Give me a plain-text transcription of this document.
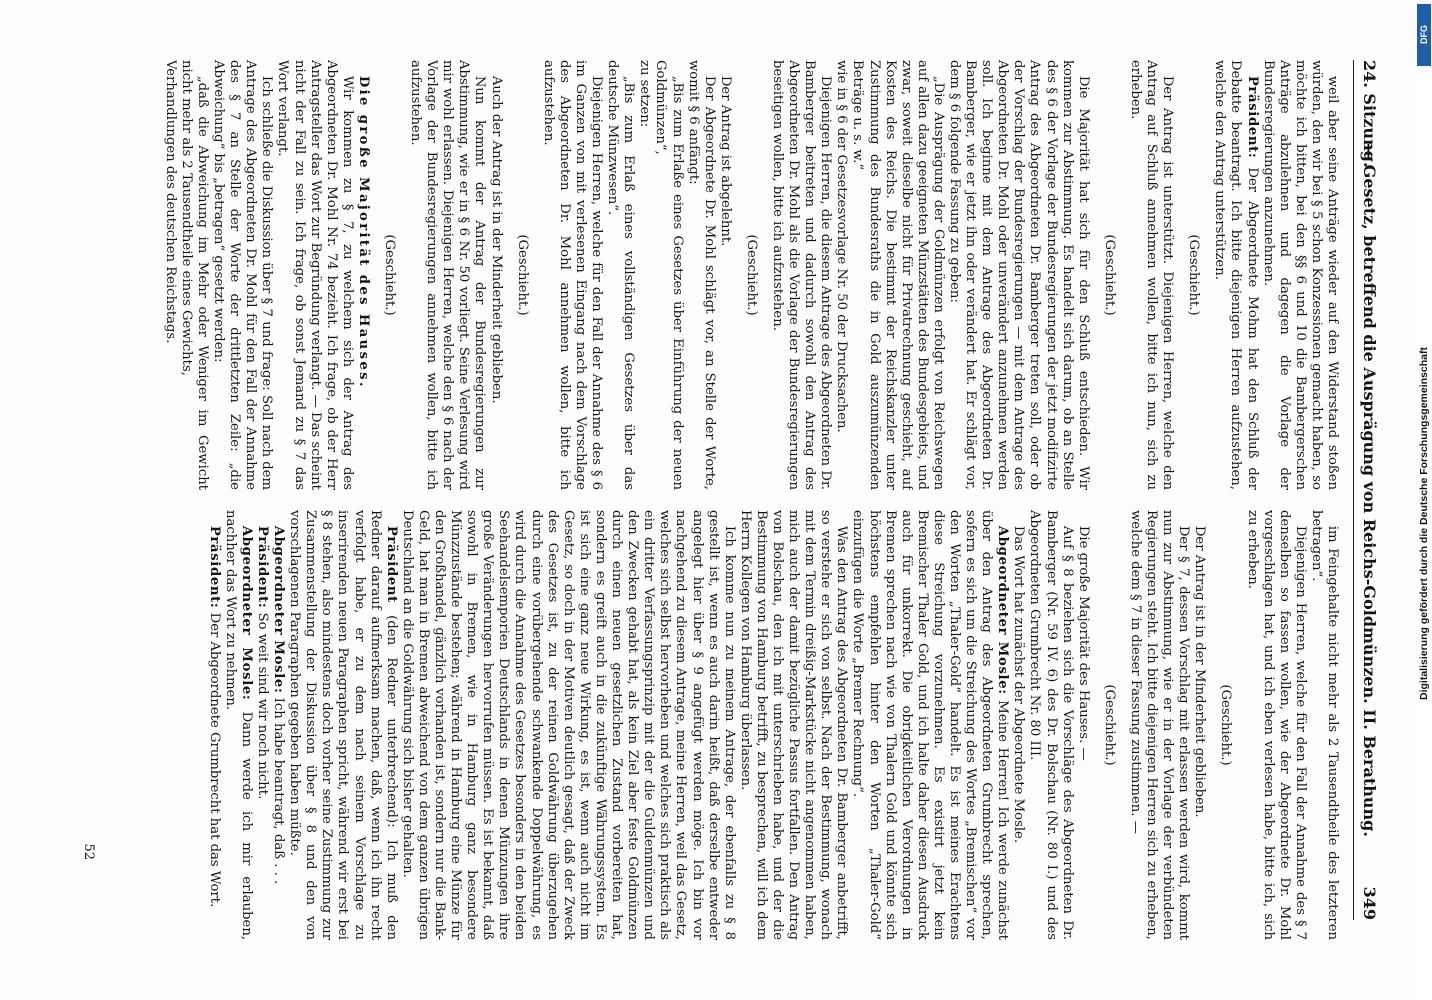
24. Sitzung.
— Gesetz, betreffend die Ausprägung von Reichs-Goldmünzen. II. Berathung.
349

weil aber seine Anträge wieder auf den Widerstand stoßen würden, den wir bei § 5 schon Konzessionen gemacht haben, so möchte ich bitten, bei den §§ 6 und 10 die Bambergerschen Anträge abzulehnen und dagegen die Vorlage der Bundesregierungen anzunehmen.

Präsident: Der Abgeordnete Mohm hat den Schluß der Debatte beantragt. Ich bitte diejenigen Herren aufzustehen, welche den Antrag unterstützen.

(Geschieht.)

Der Antrag ist unterstützt. Diejenigen Herren, welche den Antrag auf Schluß annehmen wollen, bitte ich nun, sich zu erheben.

(Geschieht.)

Die Majorität hat sich für den Schluß entschieden. Wir kommen zur Abstimmung. Es handelt sich darum, ob an Stelle des § 6 der Vorlage der Bundesregierungen der jetzt modifizirte Antrag des Abgeordneten Dr. Bamberger treten soll, oder ob der Vorschlag der Bundesregierungen — mit dem Antrage des Abgeordneten Dr. Mohl oder unverändert anzunehmen werden soll. Ich beginne mit dem Antrage des Abgeordneten Dr. Bamberger, wie er jetzt ihn oder verändert hat. Er schlägt vor, dem § 6 folgende Fassung zu geben:

„Die Ausprägung der Goldmünzen erfolgt von Reichswegen auf allen dazu geeigneten Münzstätten des Bundesgebiets, und zwar, soweit dieselbe nicht für Privatrechnung geschieht, auf Kosten des Reichs. Die bestimmt der Reichskanzler unter Zustimmung des Bundesraths die in Gold auszumünzenden Beträge u. s. w.“

wie in § 6 der Gesetzesvorlage Nr. 50 der Drucksachen.

Diejenigen Herren, die diesem Antrage des Abgeordneten Dr. Bamberger beitreten und dadurch sowohl den Antrag des Abgeordneten Dr. Mohl als die Vorlage der Bundesregierungen beseitigen wollen, bitte ich aufzustehen.

(Geschieht.)

Der Antrag ist abgelehnt.

Der Abgeordnete Dr. Mohl schlägt vor, an Stelle der Worte, womit § 6 anfängt:

„Bis zum Erlaße eines Gesetzes über Einführung der neuen Goldmünzen“,

zu setzen:

„Bis zum Erlaß eines vollständigen Gesetzes über das deutsche Münzwesen“.

Diejenigen Herren, welche für den Fall der Annahme des § 6 im Ganzen von mit verlesenen Eingang nach dem Vorschlage des Abgeordneten Dr. Mohl annehmen wollen, bitte ich aufzustehen.

(Geschieht.)

Auch der Antrag ist in der Minderheit geblieben.

Nun kommt der Antrag der Bundesregierungen zur Abstimmung, wie er in § 6 Nr. 50 vorliegt. Seine Verlesung wird mir wohl erlassen. Diejenigen Herren, welche den § 6 nach der Vorlage der Bundesregierungen annehmen wollen, bitte ich aufzustehen.

(Geschieht.)

Die große Majorität des Hauses.

Wir kommen zu § 7, zu welchem sich der Antrag des Abgeordneten Dr. Mohl Nr. 74 bezieht. Ich frage, ob der Herr Antragsteller das Wort zur Begründung verlangt. — Das scheint nicht der Fall zu sein. Ich frage, ob sonst Jemand zu § 7 das Wort verlangt.

Ich schließe die Diskussion über § 7 und frage: Soll nach dem Antrage des Abgeordneten Dr. Mohl für den Fall der Annahme des § 7 an Stelle der Worte der drittletzten Zeile: „die Abweichung“ bis „betragen“ gesetzt werden:

„daß die Abweichung im Mehr oder Weniger im Gewicht nicht mehr als 2 Tausendtheile eines Gewichts,

Verhandlungen des deutschen Reichstags.

im Feingehalte nicht mehr als 2 Tausendtheile des letzteren betragen“.

Diejenigen Herren, welche für den Fall der Annahme des § 7 denselben so fassen wollen, wie der Abgeordnete Dr. Mohl vorgeschlagen hat, und ich eben verlesen habe, bitte ich, sich zu erheben.

(Geschieht.)

Der Antrag ist in der Minderheit geblieben.

Der § 7, dessen Vorschlag mit erlassen werden wird, kommt nun zur Abstimmung, wie er in der Vorlage der verbündeten Regierungen steht. Ich bitte diejenigen Herren sich zu erheben, welche dem § 7 in dieser Fassung zustimmen. —

(Geschieht.)

Die große Majorität des Hauses. —

Auf § 8 beziehen sich die Vorschläge des Abgeordneten Dr. Bamberger (Nr. 59 IV. 6) des Dr. Bolschau (Nr. 80 I.) und des Abgeordneten Grumbrecht Nr. 80 III.

Das Wort hat zunächst der Abgeordnete Mosle.

Abgeordneter Mosle: Meine Herren! Ich werde zunächst über den Antrag des Abgeordneten Grumbrecht sprechen, sofern es sich um die Streichung des Wortes „Bremischen“ vor den Worten „Thaler-Gold“ handelt. Es ist meines Erachtens diese Streichung vorzunehmen. Es existirt jetzt kein Bremischer Thaler Gold, und ich halte daher diesen Ausdruck auch für unkorrekt. Die obrigkeitlichen Verordnungen in Bremen sprechen nach wie von Thalern Gold und könnte sich höchstens empfehlen hinter den Worten „Thaler-Gold“ einzufügen die Worte „Bremer Rechnung“.

Was den Antrag des Abgeordneten Dr. Bamberger anbetrifft, so verstehe er sich von selbst. Nach der Bestimmung, wonach mit dem Termin dreißig-Markstücke nicht angenommen haben, mich auch der damit bezügliche Passus fortfallen. Den Antrag von Bolschau, den ich mit unterschrieben habe, und der die Bestimmung von Hamburg betrifft, zu besprechen, will ich dem Herrn Kollegen von Hamburg überlassen.

Ich komme nun zu meinem Antrage, der ebenfalls zu § 8 gestellt ist, wenn es auch darin heißt, daß derselbe entweder angelegt hier über § 9 angefügt werden möge. Ich bin vor nachgehend zu diesem Antrage, meine Herren, weil das Gesetz, welches sich selbst hervorheben und welches sich praktisch als ein dritter Verfassungsprinzip mit der die Guldenmünzen und den Zwecken gehabt hat, als kein Ziel aber feste Goldmünzen durch einen neuen gesetzlichen Zustand vorbereiten hat, sondern es greift auch in die zukünftige Währungssystem. Es ist sich eine ganz neue Wirkung, es ist, wenn auch nicht im Gesetz, so doch in der Motiven deutlich gesagt, daß der Zweck des Gesetzes ist, zu der reinen Goldwährung überzugehen durch eine vorübergehende schwankende Doppelwährung, es wird durch die Annahme des Gesetzes besonders in den beiden Seehandelsemporien Deutschlands in denen Münzungen ihre große Veränderungen hervorrufen müssen. Es ist bekannt, daß sowohl in Bremen, wie in Hamburg ganz besondere Münzzustände bestehen; während in Hamburg eine Münze für den Großhandel, gänzlich vorhanden ist, sondern nur die Bank-Geld, hat man in Bremen abweichend von dem ganzen übrigen Deutschland an die Goldwährung sich bisher gehalten.

Präsident (den Redner unterbrechend): Ich muß den Redner darauf aufmerksam machen, daß, wenn ich ihn recht verfolgt habe, er zu dem nach seinem Vorschlage zu inserirenden neuen Paragraphen spricht, während wir erst bei § 8 stehen, also mindestens doch vorher seine Zustimmung zur Zusammenstellung der Diskussion über § 8 und den von vorschlagenen Paragraphen gegeben haben müßte.

Abgeordneter Mosle: Ich habe beantragt, daß . . .

Präsident: So weit sind wir noch nicht.

Abgeordneter Mosle: Dann werde ich mir erlauben, nachher das Wort zu nehmen.

Präsident: Der Abgeordnete Grumbrecht hat das Wort.

52
DFG
Digitalisierung gefördert durch die Deutsche Forschungsgemeinschaft
